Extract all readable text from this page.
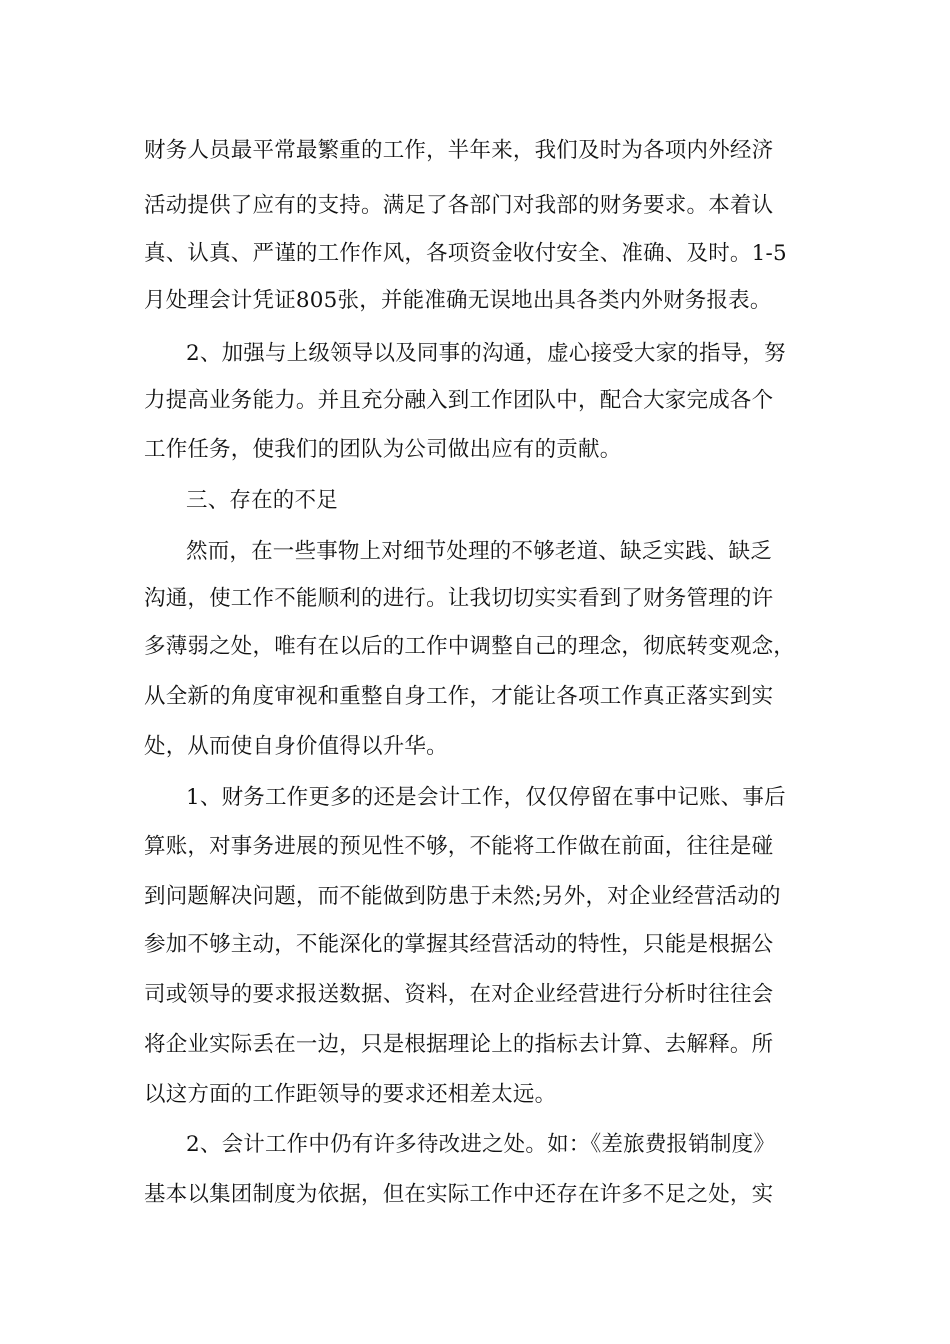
财务人员最平常最繁重的工作，半年来，我们及时为各项内外经济
活动提供了应有的支持。满足了各部门对我部的财务要求。本着认
真、认真、严谨的工作作风，各项资金收付安全、准确、及时。1-5
月处理会计凭证805张，并能准确无误地出具各类内外财务报表。
2、加强与上级领导以及同事的沟通，虚心接受大家的指导，努
力提高业务能力。并且充分融入到工作团队中，配合大家完成各个
工作任务，使我们的团队为公司做出应有的贡献。
三、存在的不足
然而，在一些事物上对细节处理的不够老道、缺乏实践、缺乏
沟通，使工作不能顺利的进行。让我切切实实看到了财务管理的许
多薄弱之处，唯有在以后的工作中调整自己的理念，彻底转变观念，
从全新的角度审视和重整自身工作，才能让各项工作真正落实到实
处，从而使自身价值得以升华。
1、财务工作更多的还是会计工作，仅仅停留在事中记账、事后
算账，对事务进展的预见性不够，不能将工作做在前面，往往是碰
到问题解决问题，而不能做到防患于未然;另外，对企业经营活动的
参加不够主动，不能深化的掌握其经营活动的特性，只能是根据公
司或领导的要求报送数据、资料，在对企业经营进行分析时往往会
将企业实际丢在一边，只是根据理论上的指标去计算、去解释。所
以这方面的工作距领导的要求还相差太远。
2、会计工作中仍有许多待改进之处。如：《差旅费报销制度》
基本以集团制度为依据，但在实际工作中还存在许多不足之处，实
